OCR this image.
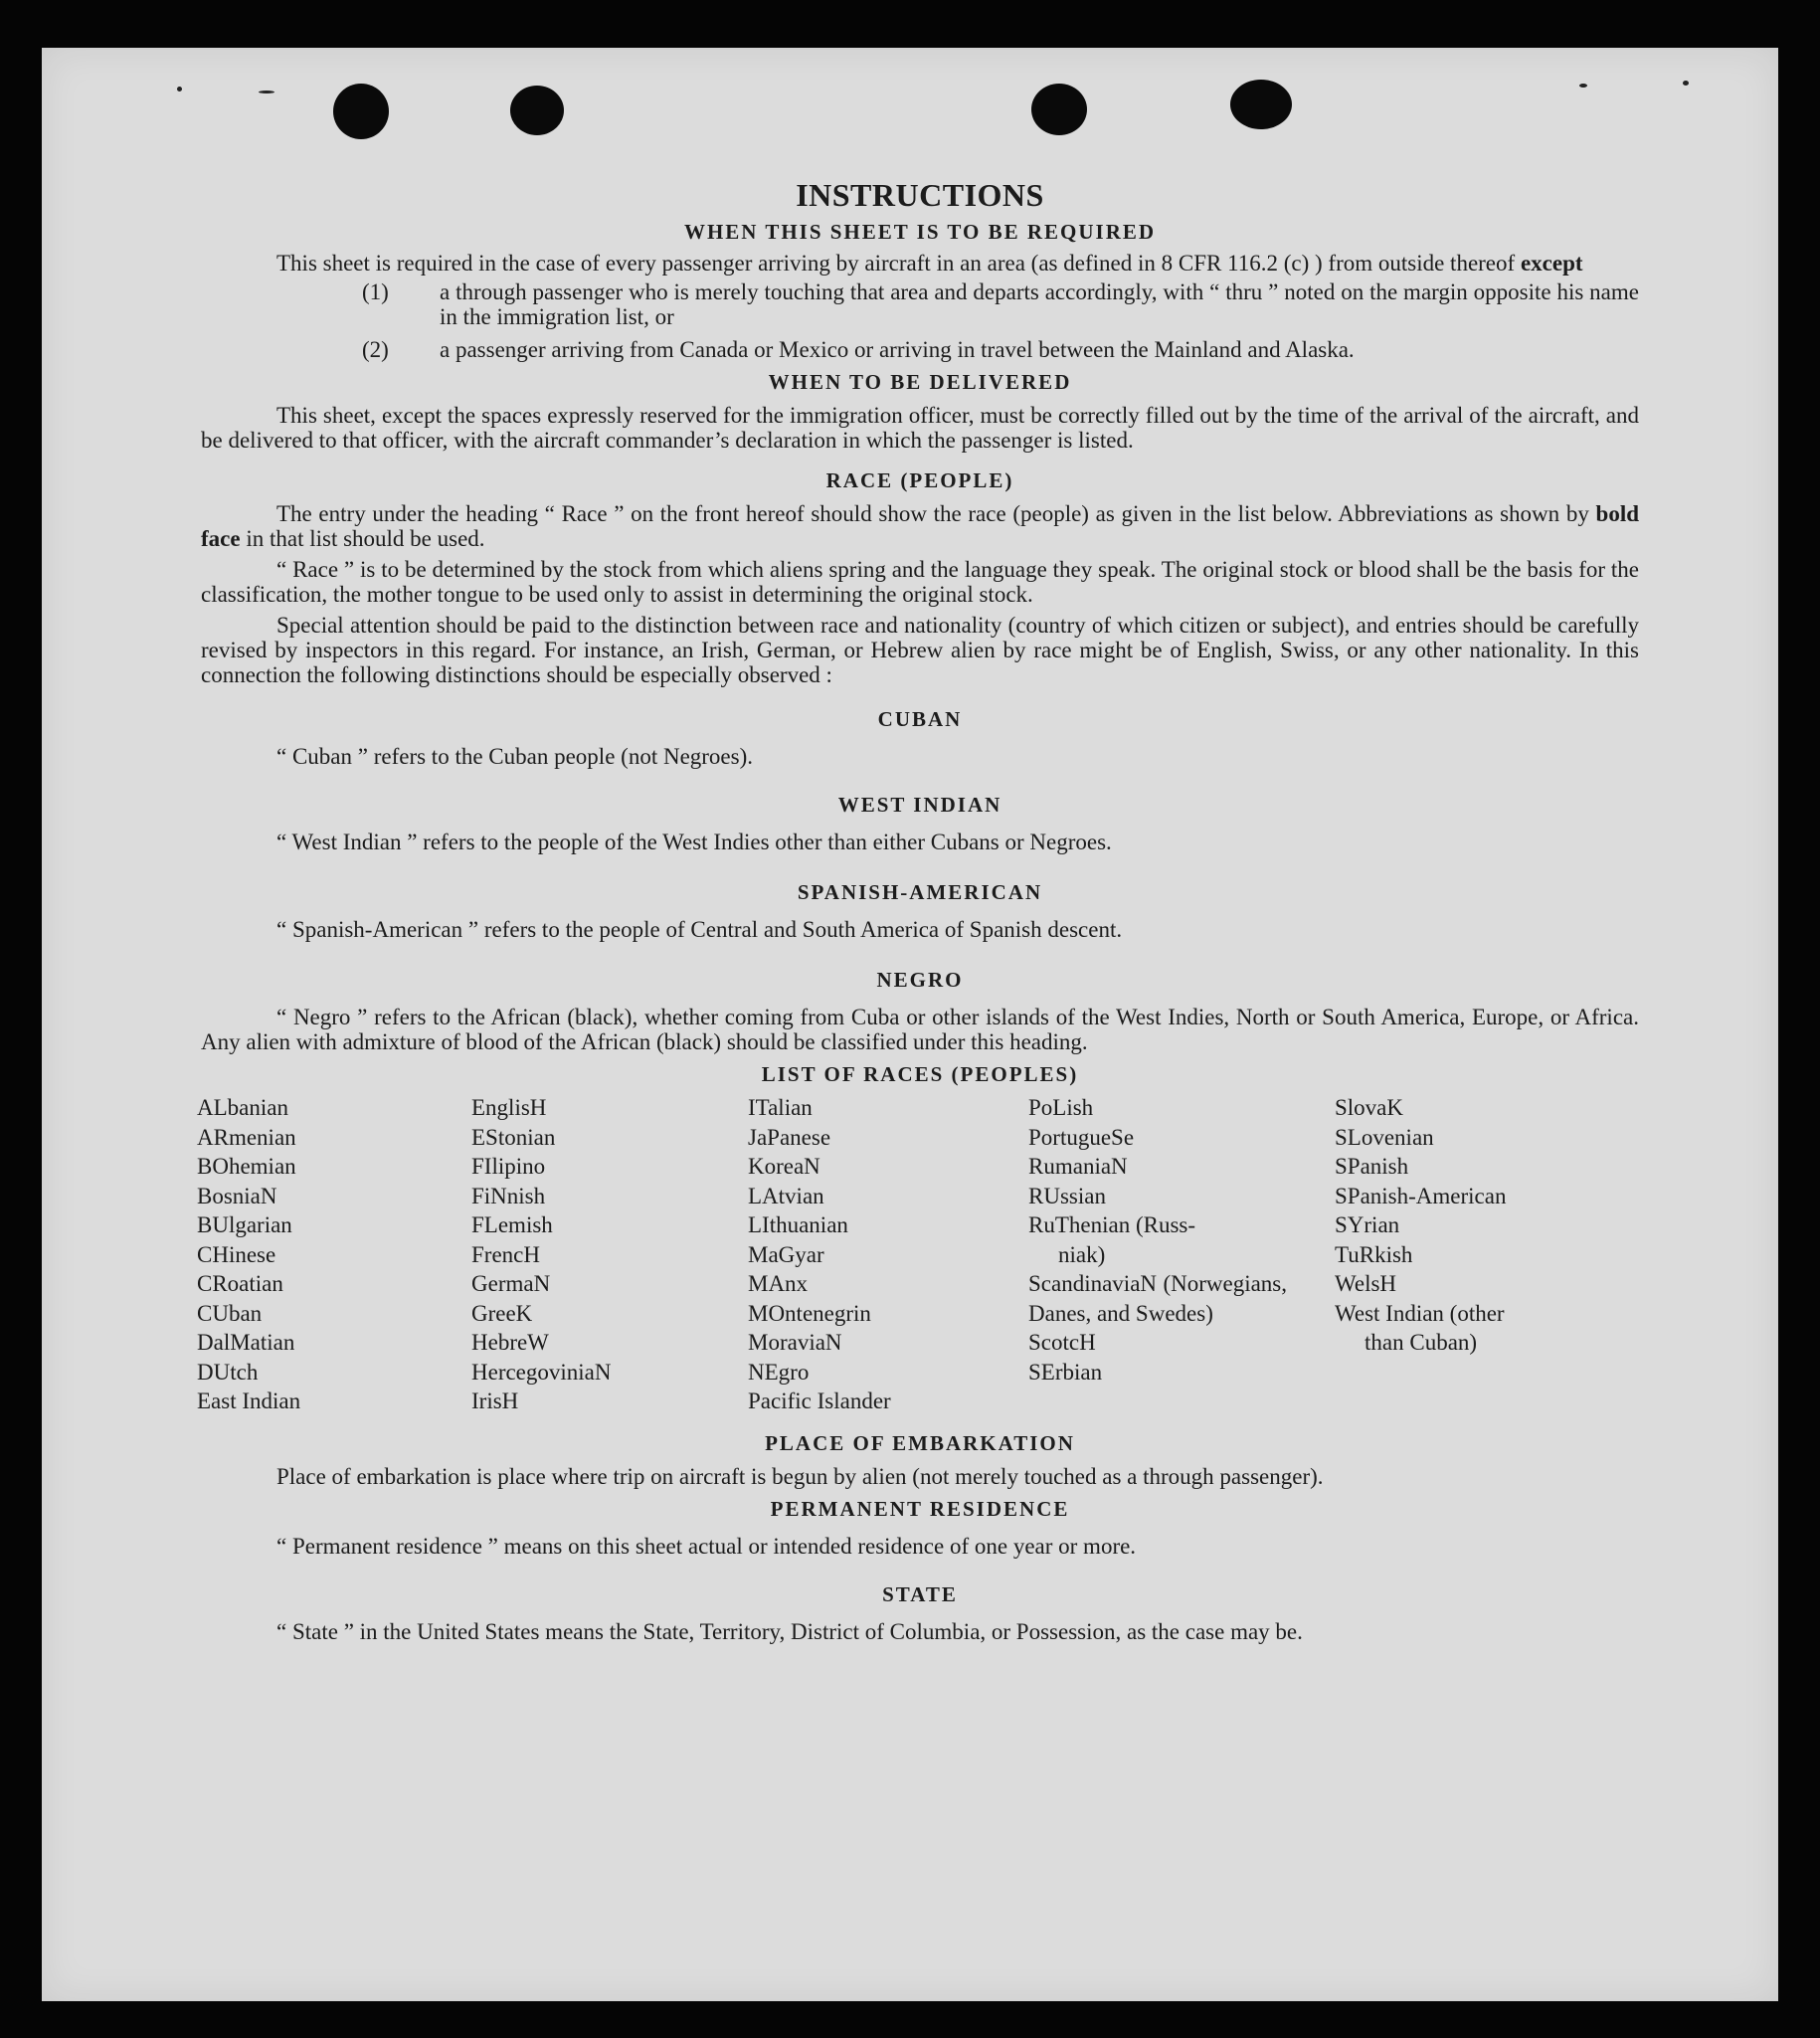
INSTRUCTIONS
WHEN THIS SHEET IS TO BE REQUIRED

This sheet is required in the case of every passenger arriving by aircraft in an area (as defined in 8 CFR 116.2 (c) ) from outside thereof except

(1) a through passenger who is merely touching that area and departs accordingly, with “ thru ” noted on the margin opposite his name in the immigration list, or
(2) a passenger arriving from Canada or Mexico or arriving in travel between the Mainland and Alaska.
WHEN TO BE DELIVERED

This sheet, except the spaces expressly reserved for the immigration officer, must be correctly filled out by the time of the arrival of the aircraft, and be delivered to that officer, with the aircraft commander’s declaration in which the passenger is listed.

RACE (PEOPLE)

The entry under the heading “ Race ” on the front hereof should show the race (people) as given in the list below. Abbreviations as shown by bold face in that list should be used.

“ Race ” is to be determined by the stock from which aliens spring and the language they speak. The original stock or blood shall be the basis for the classification, the mother tongue to be used only to assist in determining the original stock.

Special attention should be paid to the distinction between race and nationality (country of which citizen or subject), and entries should be carefully revised by inspectors in this regard. For instance, an Irish, German, or Hebrew alien by race might be of English, Swiss, or any other nationality. In this connection the following distinctions should be especially observed :

CUBAN

“ Cuban ” refers to the Cuban people (not Negroes).

WEST INDIAN

“ West Indian ” refers to the people of the West Indies other than either Cubans or Negroes.

SPANISH-AMERICAN

“ Spanish-American ” refers to the people of Central and South America of Spanish descent.

NEGRO

“ Negro ” refers to the African (black), whether coming from Cuba or other islands of the West Indies, North or South America, Europe, or Africa. Any alien with admixture of blood of the African (black) should be classified under this heading.

LIST OF RACES (PEOPLES)
ALbanian
ARmenian
BOhemian
BosniaN
BUlgarian
CHinese
CRoatian
CUban
DalMatian
DUtch
East Indian
EnglisH
EStonian
FIlipino
FiNnish
FLemish
FrencH
GermaN
GreeK
HebreW
HercegoviniaN
IrisH
ITalian
JaPanese
KoreaN
LAtvian
LIthuanian
MaGyar
MAnx
MOntenegrin
MoraviaN
NEgro
Pacific Islander
PoLish
PortugueSe
RumaniaN
RUssian
RuThenian (Russ-
niak)
ScandinaviaN (Norwegians, Danes, and Swedes)
ScotcH
SErbian
SlovaK
SLovenian
SPanish
SPanish-American
SYrian
TuRkish
WelsH
West Indian (other
than Cuban)
PLACE OF EMBARKATION

Place of embarkation is place where trip on aircraft is begun by alien (not merely touched as a through passenger).

PERMANENT RESIDENCE

“ Permanent residence ” means on this sheet actual or intended residence of one year or more.

STATE

“ State ” in the United States means the State, Territory, District of Columbia, or Possession, as the case may be.
